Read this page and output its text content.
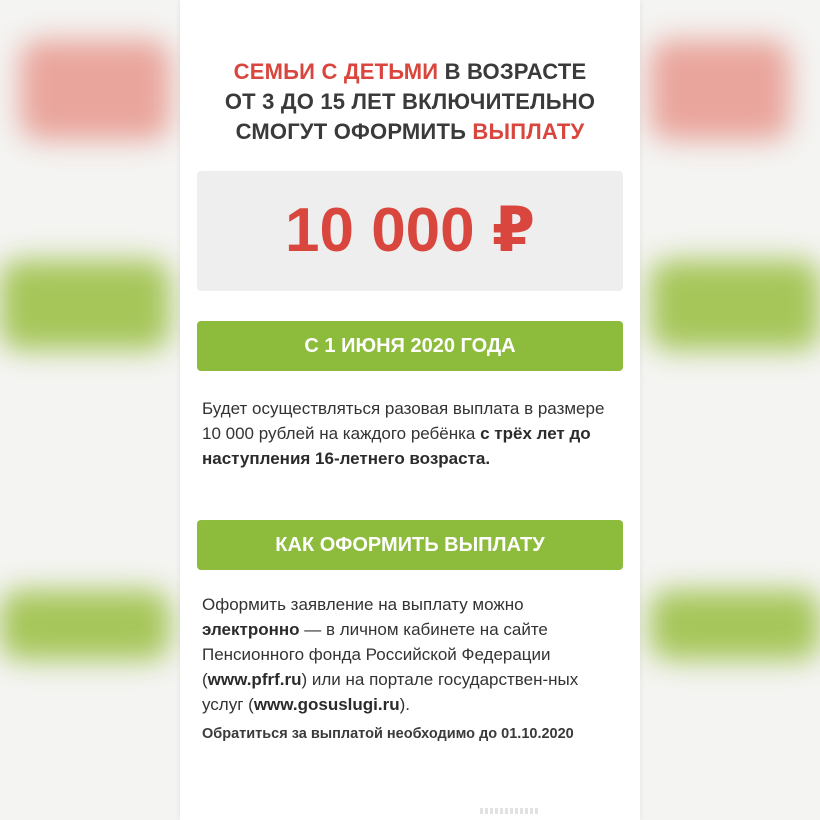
СЕМЬИ С ДЕТЬМИ В ВОЗРАСТЕ
ОТ 3 ДО 15 ЛЕТ ВКЛЮЧИТЕЛЬНО
СМОГУТ ОФОРМИТЬ ВЫПЛАТУ
10 000 ₽
С 1 ИЮНЯ 2020 ГОДА
Будет осуществляться разовая выплата в размере 10 000 рублей на каждого ребёнка с трёх лет до наступления 16-летнего возраста.
КАК ОФОРМИТЬ ВЫПЛАТУ
Оформить заявление на выплату можно электронно — в личном кабинете на сайте Пенсионного фонда Российской Федерации (www.pfrf.ru) или на портале государствен-ных услуг (www.gosuslugi.ru).
Обратиться за выплатой необходимо до 01.10.2020
